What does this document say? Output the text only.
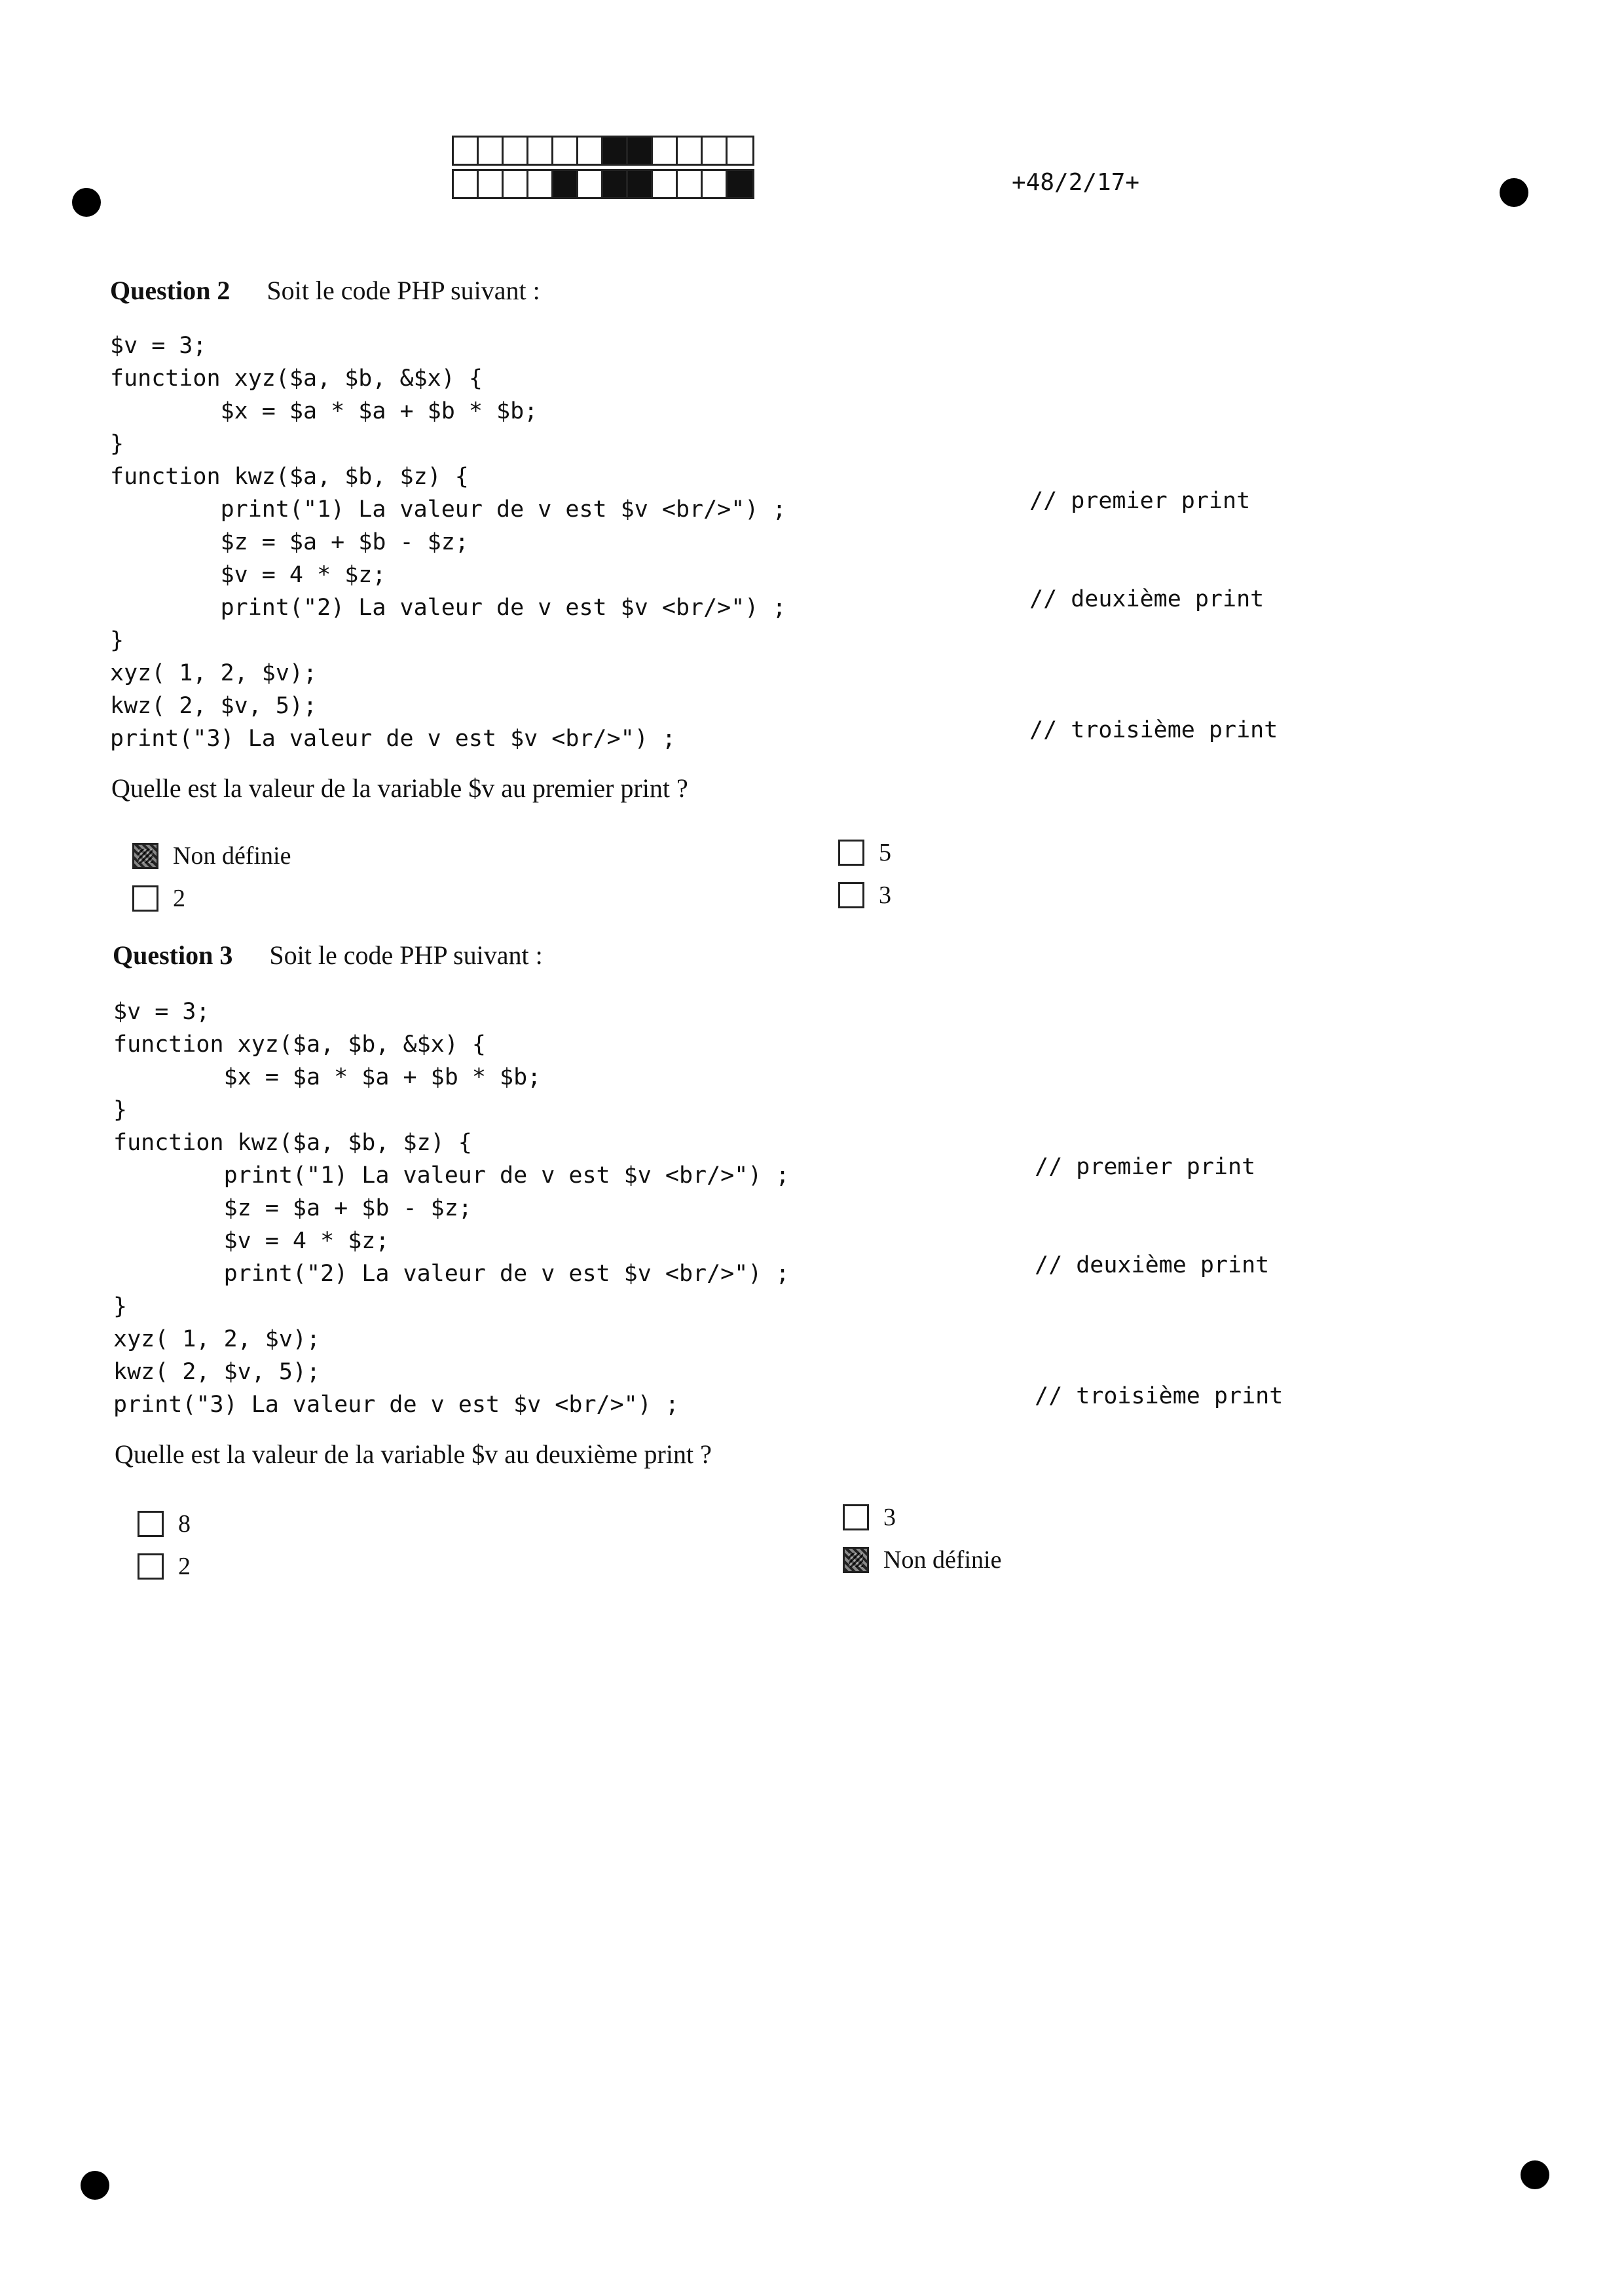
+48/2/17+
Question 2 Soit le code PHP suivant :
$v = 3;
function xyz($a, $b, &$x) {
$x = $a * $a + $b * $b;
}
function kwz($a, $b, $z) {
print("1) La valeur de v est $v <br/>") ;
$z = $a + $b - $z;
$v = 4 * $z;
print("2) La valeur de v est $v <br/>") ;
}
xyz( 1, 2, $v);
kwz( 2, $v, 5);
print("3) La valeur de v est $v <br/>") ;
// premier print
// deuxième print
// troisième print
Quelle est la valeur de la variable $v au premier print ?
Non définie
2
5
3
Question 3 Soit le code PHP suivant :
$v = 3;
function xyz($a, $b, &$x) {
$x = $a * $a + $b * $b;
}
function kwz($a, $b, $z) {
print("1) La valeur de v est $v <br/>") ;
$z = $a + $b - $z;
$v = 4 * $z;
print("2) La valeur de v est $v <br/>") ;
}
xyz( 1, 2, $v);
kwz( 2, $v, 5);
print("3) La valeur de v est $v <br/>") ;
// premier print
// deuxième print
// troisième print
Quelle est la valeur de la variable $v au deuxième print ?
8
2
3
Non définie
